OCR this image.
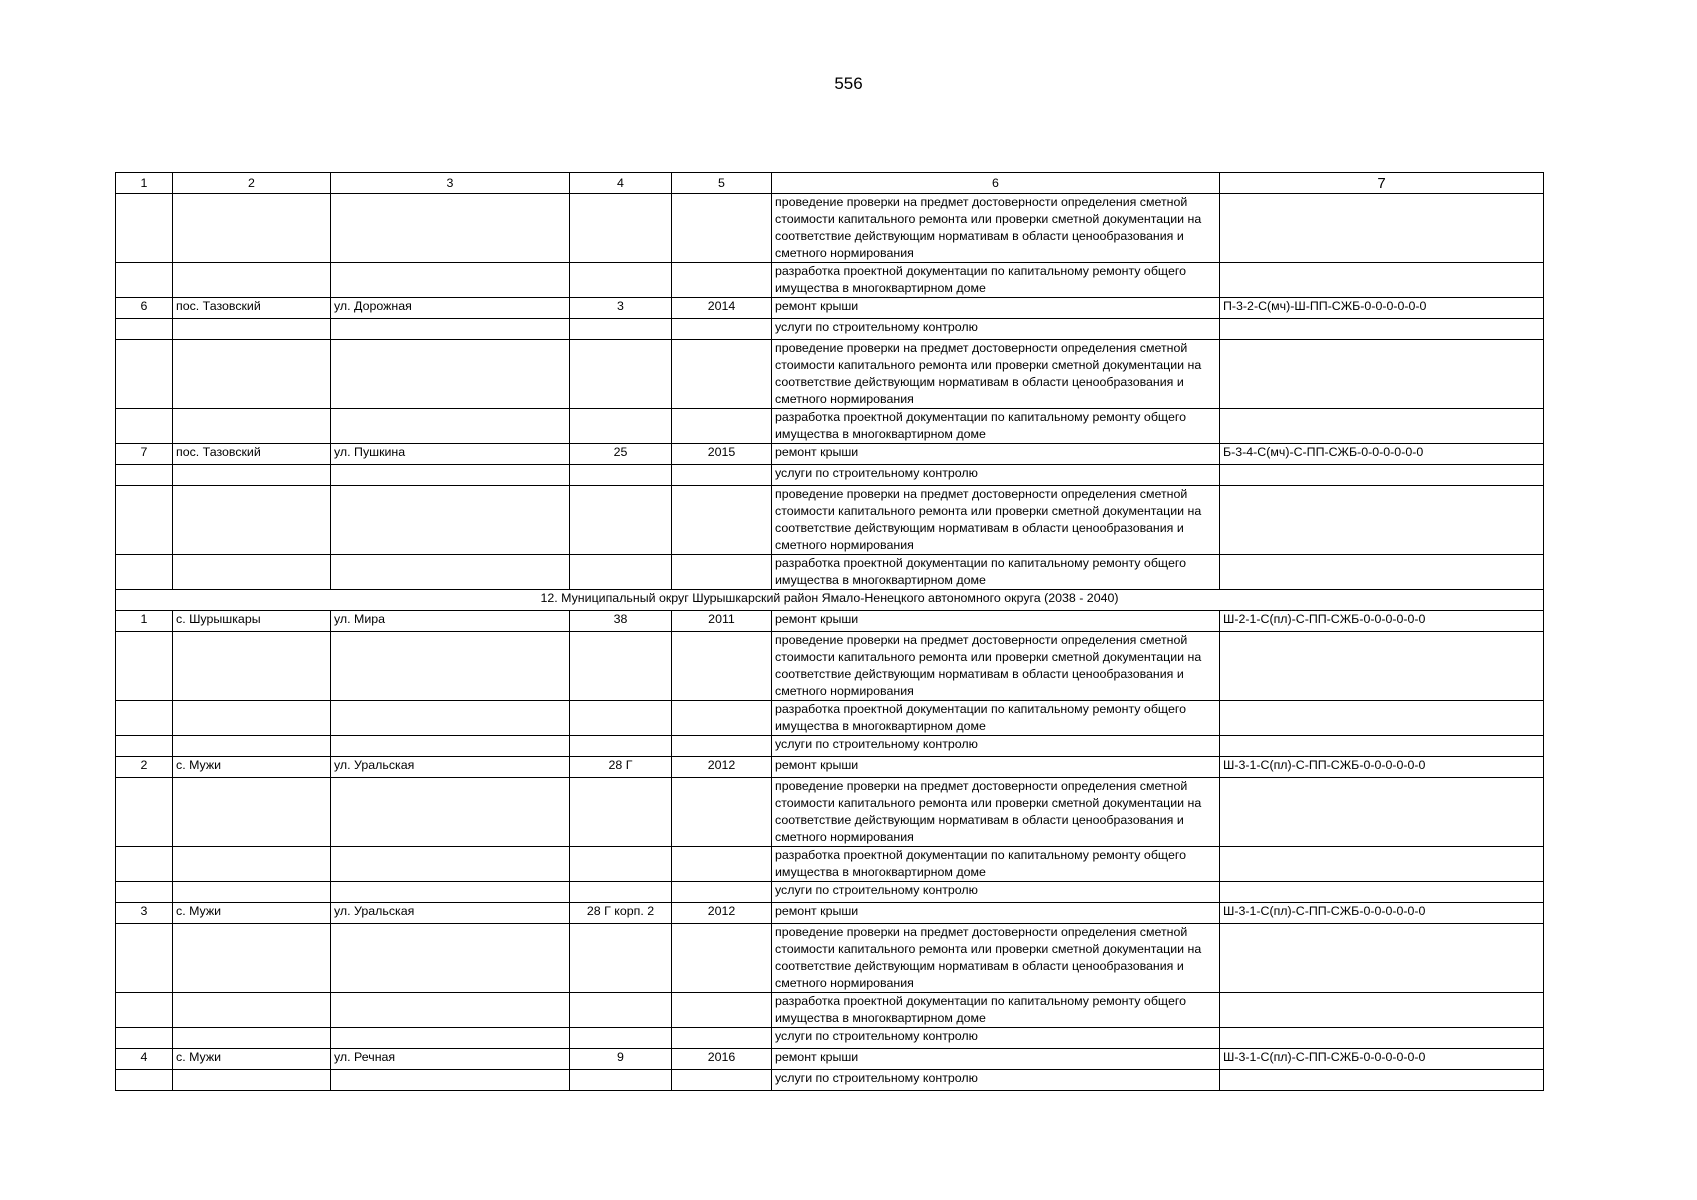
556
1	2	3	4	5	6	7
					проведение проверки на предмет достоверности определения сметной стоимости капитального ремонта или проверки сметной документации на соответствие действующим нормативам в области ценообразования и сметного нормирования	
					разработка проектной документации по капитальному ремонту общего имущества в многоквартирном доме	
6	пос. Тазовский	ул. Дорожная	3	2014	ремонт крыши	П-3-2-С(мч)-Ш-ПП-СЖБ-0-0-0-0-0-0
					услуги по строительному контролю	
					проведение проверки на предмет достоверности определения сметной стоимости капитального ремонта или проверки сметной документации на соответствие действующим нормативам в области ценообразования и сметного нормирования	
					разработка проектной документации по капитальному ремонту общего имущества в многоквартирном доме	
7	пос. Тазовский	ул. Пушкина	25	2015	ремонт крыши	Б-3-4-С(мч)-С-ПП-СЖБ-0-0-0-0-0-0
					услуги по строительному контролю	
					проведение проверки на предмет достоверности определения сметной стоимости капитального ремонта или проверки сметной документации на соответствие действующим нормативам в области ценообразования и сметного нормирования	
					разработка проектной документации по капитальному ремонту общего имущества в многоквартирном доме	
12. Муниципальный округ Шурышкарский район Ямало-Ненецкого автономного округа (2038 - 2040)						
1	с. Шурышкары	ул. Мира	38	2011	ремонт крыши	Ш-2-1-С(пл)-С-ПП-СЖБ-0-0-0-0-0-0
					проведение проверки на предмет достоверности определения сметной стоимости капитального ремонта или проверки сметной документации на соответствие действующим нормативам в области ценообразования и сметного нормирования	
					разработка проектной документации по капитальному ремонту общего имущества в многоквартирном доме	
					услуги по строительному контролю	
2	с. Мужи	ул. Уральская	28 Г	2012	ремонт крыши	Ш-3-1-С(пл)-С-ПП-СЖБ-0-0-0-0-0-0
					проведение проверки на предмет достоверности определения сметной стоимости капитального ремонта или проверки сметной документации на соответствие действующим нормативам в области ценообразования и сметного нормирования	
					разработка проектной документации по капитальному ремонту общего имущества в многоквартирном доме	
					услуги по строительному контролю	
3	с. Мужи	ул. Уральская	28 Г корп. 2	2012	ремонт крыши	Ш-3-1-С(пл)-С-ПП-СЖБ-0-0-0-0-0-0
					проведение проверки на предмет достоверности определения сметной стоимости капитального ремонта или проверки сметной документации на соответствие действующим нормативам в области ценообразования и сметного нормирования	
					разработка проектной документации по капитальному ремонту общего имущества в многоквартирном доме	
					услуги по строительному контролю	
4	с. Мужи	ул. Речная	9	2016	ремонт крыши	Ш-3-1-С(пл)-С-ПП-СЖБ-0-0-0-0-0-0
					услуги по строительному контролю	
